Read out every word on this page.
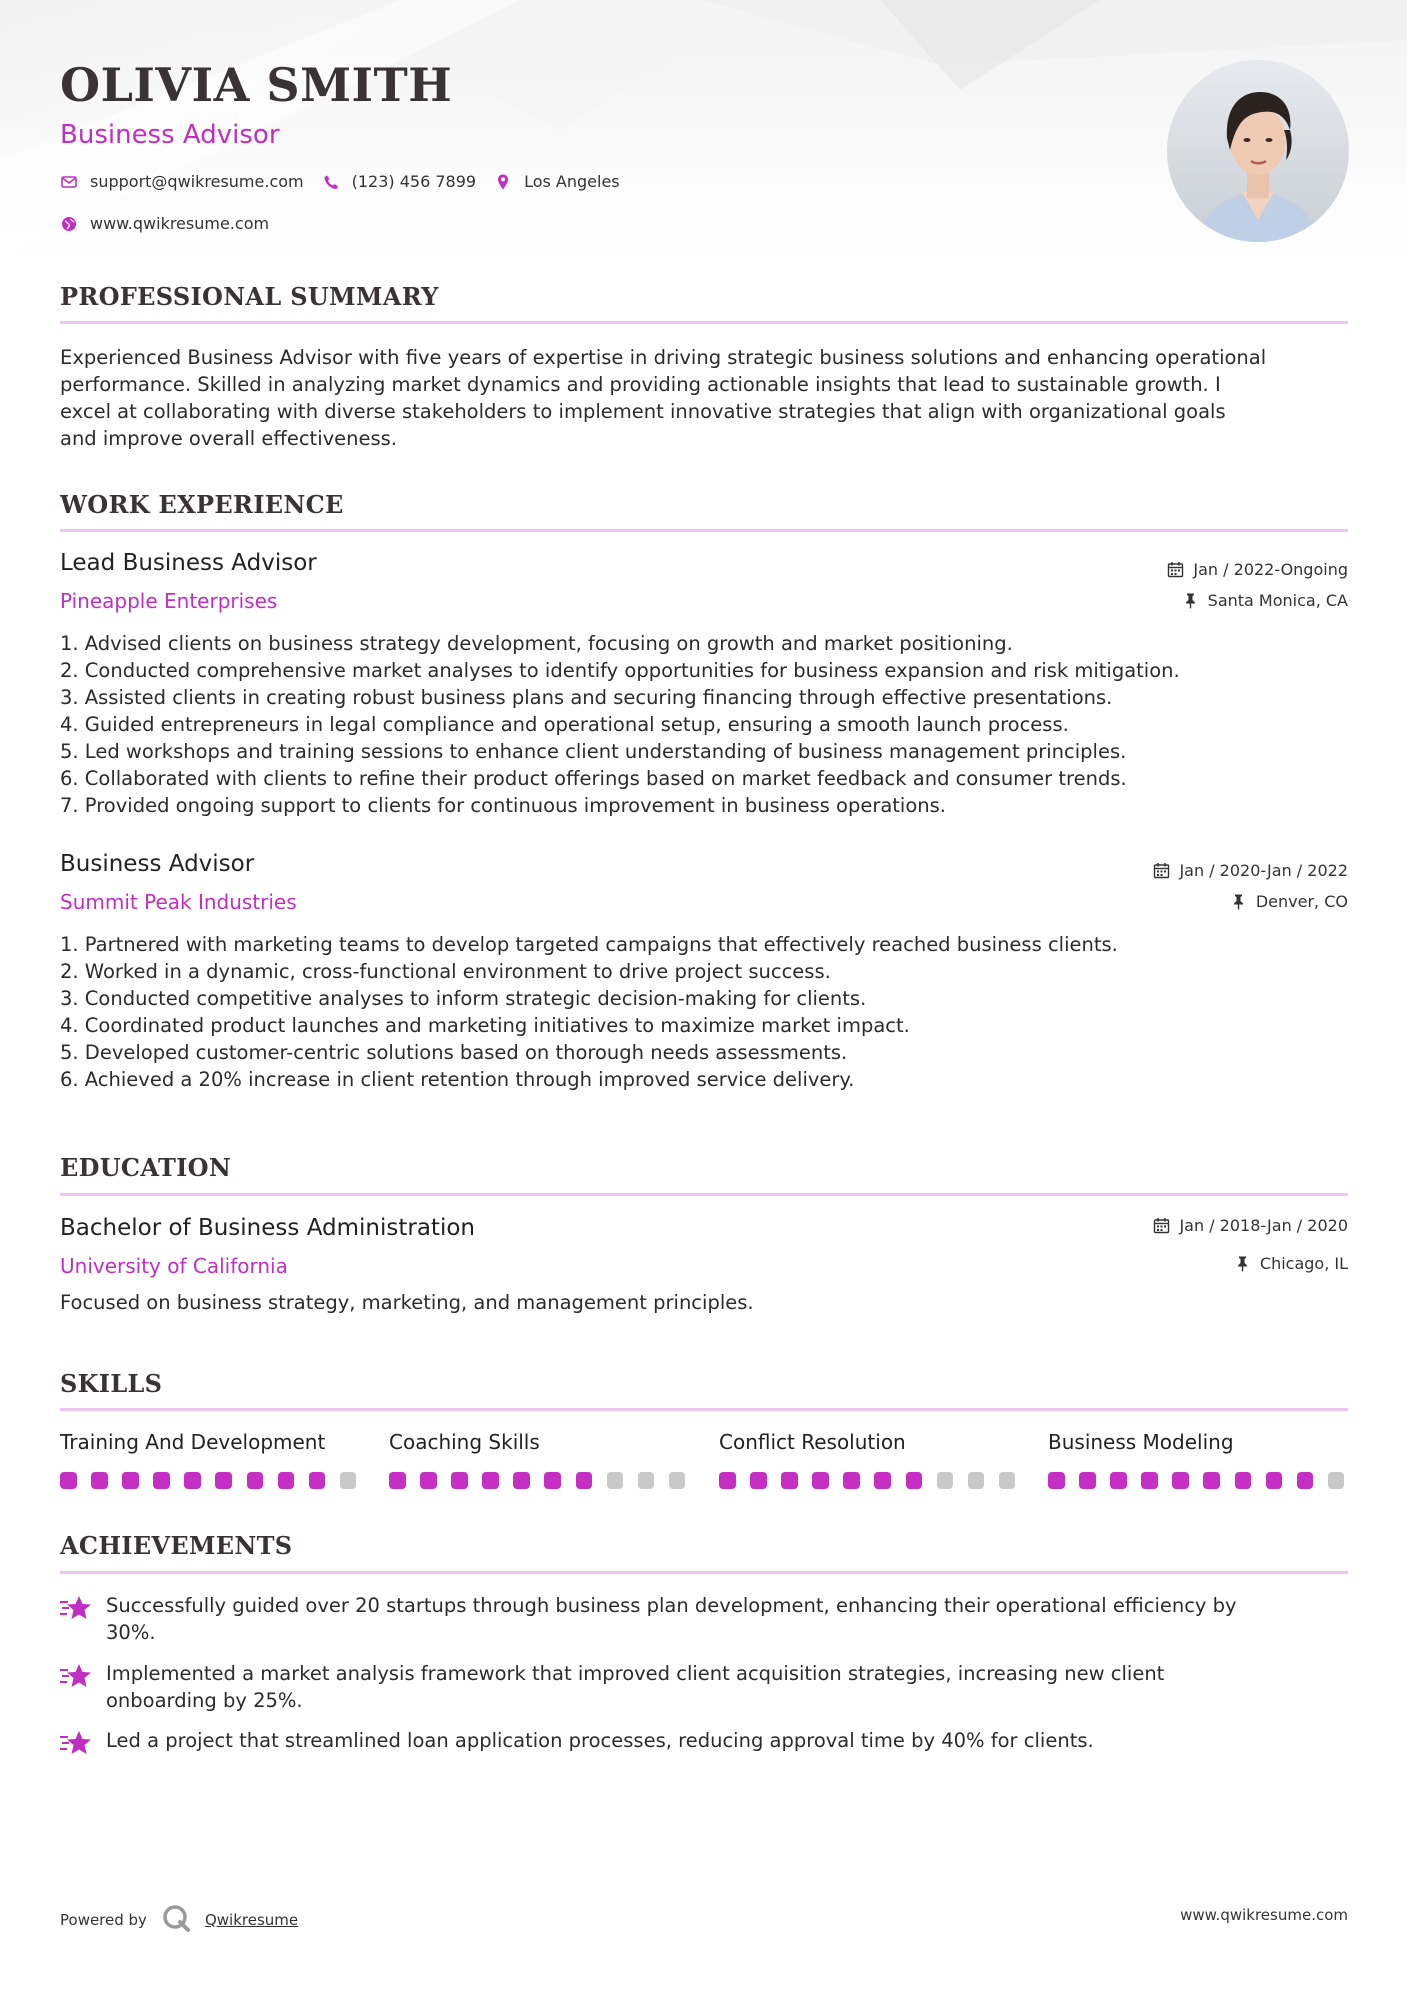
OLIVIA SMITH
Business Advisor
support@qwikresume.com	(123) 456 7899	Los Angeles
www.qwikresume.com
PROFESSIONAL SUMMARY
Experienced Business Advisor with five years of expertise in driving strategic business solutions and enhancing operational
performance. Skilled in analyzing market dynamics and providing actionable insights that lead to sustainable growth. I
excel at collaborating with diverse stakeholders to implement innovative strategies that align with organizational goals
and improve overall effectiveness.
WORK EXPERIENCE
Lead Business Advisor
Pineapple Enterprises
Jan / 2022-Ongoing
Santa Monica, CA
1. Advised clients on business strategy development, focusing on growth and market positioning.
2. Conducted comprehensive market analyses to identify opportunities for business expansion and risk mitigation.
3. Assisted clients in creating robust business plans and securing financing through effective presentations.
4. Guided entrepreneurs in legal compliance and operational setup, ensuring a smooth launch process.
5. Led workshops and training sessions to enhance client understanding of business management principles.
6. Collaborated with clients to refine their product offerings based on market feedback and consumer trends.
7. Provided ongoing support to clients for continuous improvement in business operations.
Business Advisor
Summit Peak Industries
Jan / 2020-Jan / 2022
Denver, CO
1. Partnered with marketing teams to develop targeted campaigns that effectively reached business clients.
2. Worked in a dynamic, cross-functional environment to drive project success.
3. Conducted competitive analyses to inform strategic decision-making for clients.
4. Coordinated product launches and marketing initiatives to maximize market impact.
5. Developed customer-centric solutions based on thorough needs assessments.
6. Achieved a 20% increase in client retention through improved service delivery.
EDUCATION
Bachelor of Business Administration
University of California
Jan / 2018-Jan / 2020
Chicago, IL
Focused on business strategy, marketing, and management principles.
SKILLS
Training And Development	Coaching Skills	Conflict Resolution	Business Modeling
ACHIEVEMENTS
Successfully guided over 20 startups through business plan development, enhancing their operational efficiency by
30%.
Implemented a market analysis framework that improved client acquisition strategies, increasing new client
onboarding by 25%.
Led a project that streamlined loan application processes, reducing approval time by 40% for clients.
Powered by	Qwikresume	www.qwikresume.com
